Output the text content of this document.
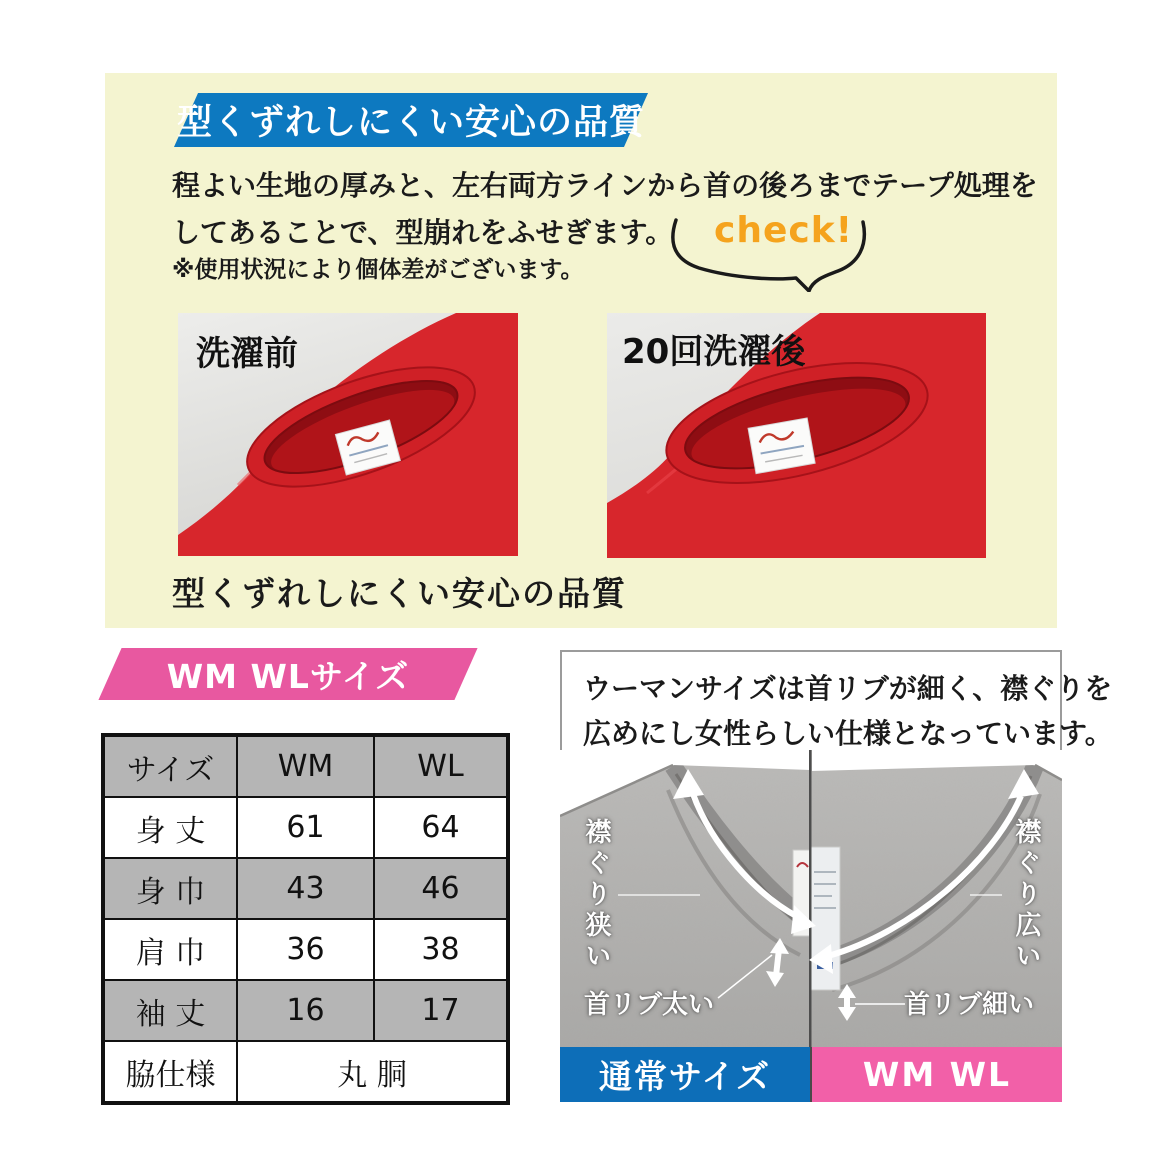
型くずれしにくい安心の品質
程よい生地の厚みと、左右両方ラインから首の後ろまでテープ処理を
してあることで、型崩れをふせぎます。 check!
※使用状況により個体差がございます。
洗濯前	20回洗濯後
型くずれしにくい安心の品質
WM WLサイズ
サイズ	WM	WL
身 丈	61	64
身 巾	43	46
肩 巾	36	38
袖 丈	16	17
脇仕様	丸 胴	
ウーマンサイズは首リブが細く、襟ぐりを
広めにし女性らしい仕様となっています。
襟ぐり狭い	襟ぐり広い
首リブ太い	首リブ細い
通常サイズ	WM WL
